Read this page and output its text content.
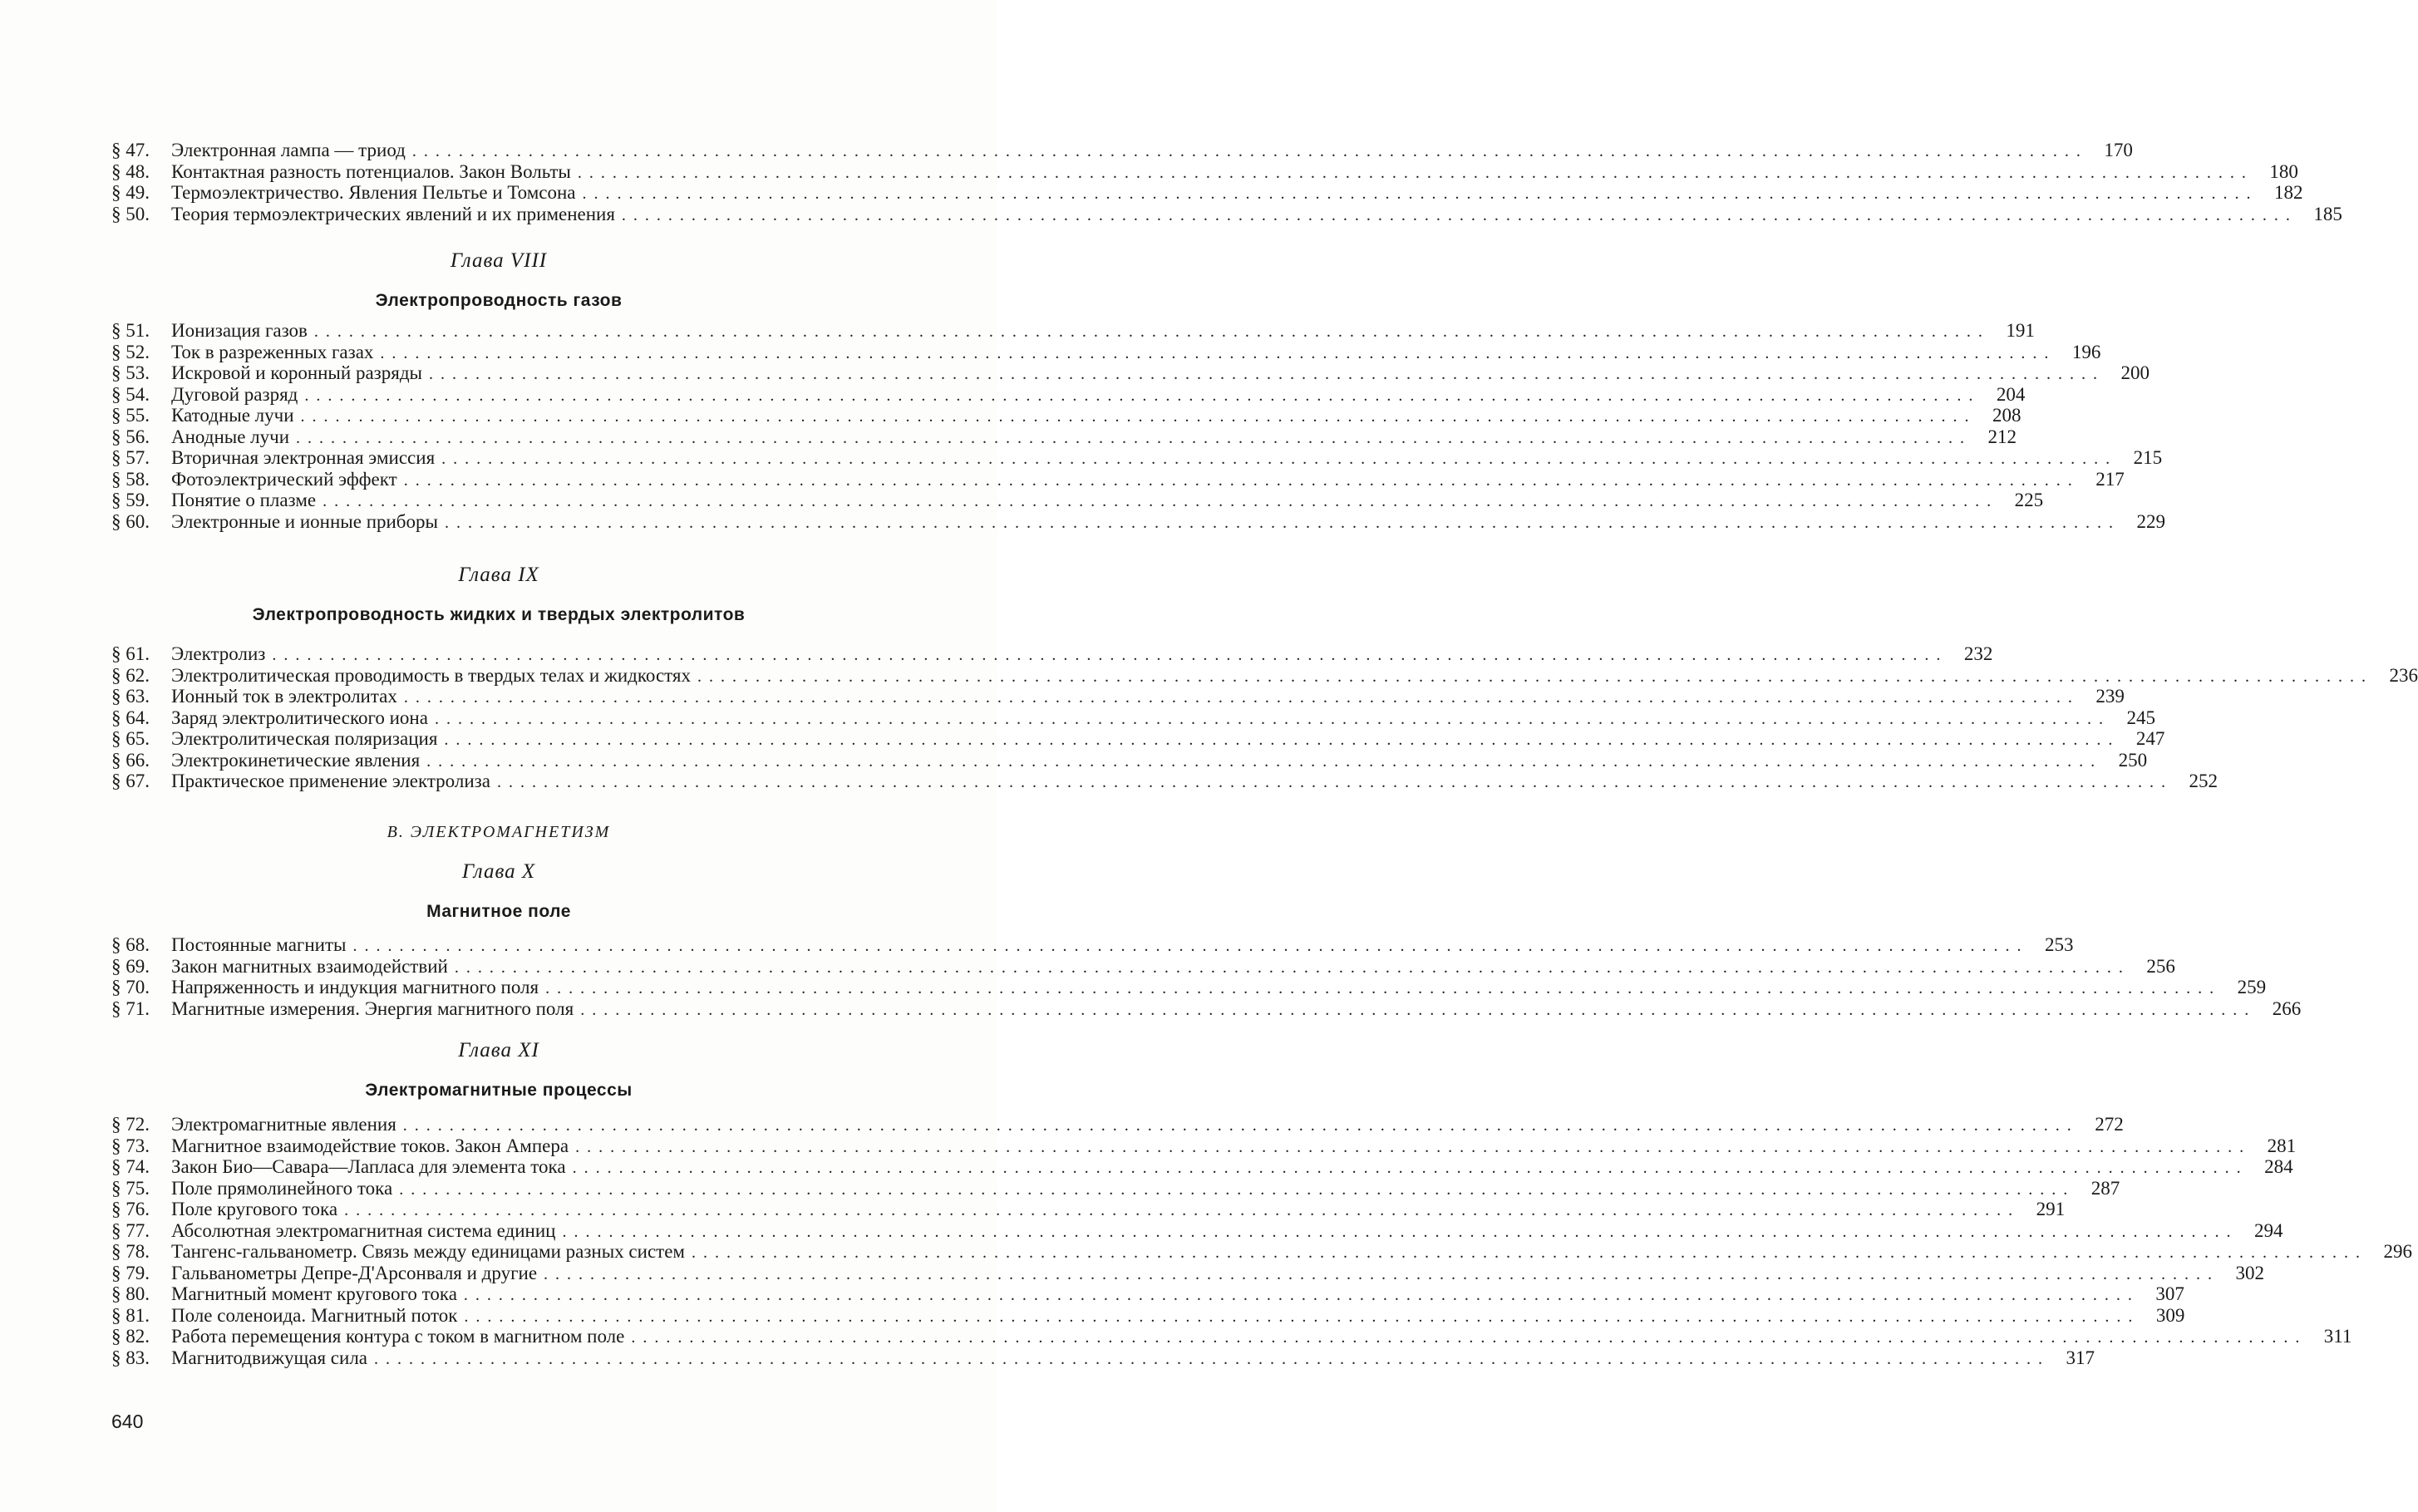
§ 47.	Электронная лампа — триод .....	170
§ 48.	Контактная разность потенциалов. Закон Вольты .....	180
§ 49.	Термоэлектричество. Явления Пельтье и Томсона .....	182
§ 50.	Теория термоэлектрических явлений и их применения .....	185
Глава VIII
Электропроводность газов
§ 51.	Ионизация газов .....	191
§ 52.	Ток в разреженных газах .....	196
§ 53.	Искровой и коронный разряды .....	200
§ 54.	Дуговой разряд .....	204
§ 55.	Катодные лучи .....	208
§ 56.	Анодные лучи .....	212
§ 57.	Вторичная электронная эмиссия .....	215
§ 58.	Фотоэлектрический эффект .....	217
§ 59.	Понятие о плазме .....	225
§ 60.	Электронные и ионные приборы .....	229
Глава IX
Электропроводность жидких и твердых электролитов
§ 61.	Электролиз .....	232
§ 62.	Электролитическая проводимость в твердых телах и жидкостях .....	236
§ 63.	Ионный ток в электролитах .....	239
§ 64.	Заряд электролитического иона .....	245
§ 65.	Электролитическая поляризация .....	247
§ 66.	Электрокинетические явления .....	250
§ 67.	Практическое применение электролиза .....	252
В. ЭЛЕКТРОМАГНЕТИЗМ
Глава X
Магнитное поле
§ 68.	Постоянные магниты .....	253
§ 69.	Закон магнитных взаимодействий .....	256
§ 70.	Напряженность и индукция магнитного поля .....	259
§ 71.	Магнитные измерения. Энергия магнитного поля .....	266
Глава XI
Электромагнитные процессы
§ 72.	Электромагнитные явления .....	272
§ 73.	Магнитное взаимодействие токов. Закон Ампера .....	281
§ 74.	Закон Био—Савара—Лапласа для элемента тока .....	284
§ 75.	Поле прямолинейного тока .....	287
§ 76.	Поле кругового тока .....	291
§ 77.	Абсолютная электромагнитная система единиц .....	294
§ 78.	Тангенс-гальванометр. Связь между единицами разных систем .....	296
§ 79.	Гальванометры Депре-Д'Арсонваля и другие .....	302
§ 80.	Магнитный момент кругового тока .....	307
§ 81.	Поле соленоида. Магнитный поток .....	309
§ 82.	Работа перемещения контура с током в магнитном поле .....	311
§ 83.	Магнитодвижущая сила .....	317
640
